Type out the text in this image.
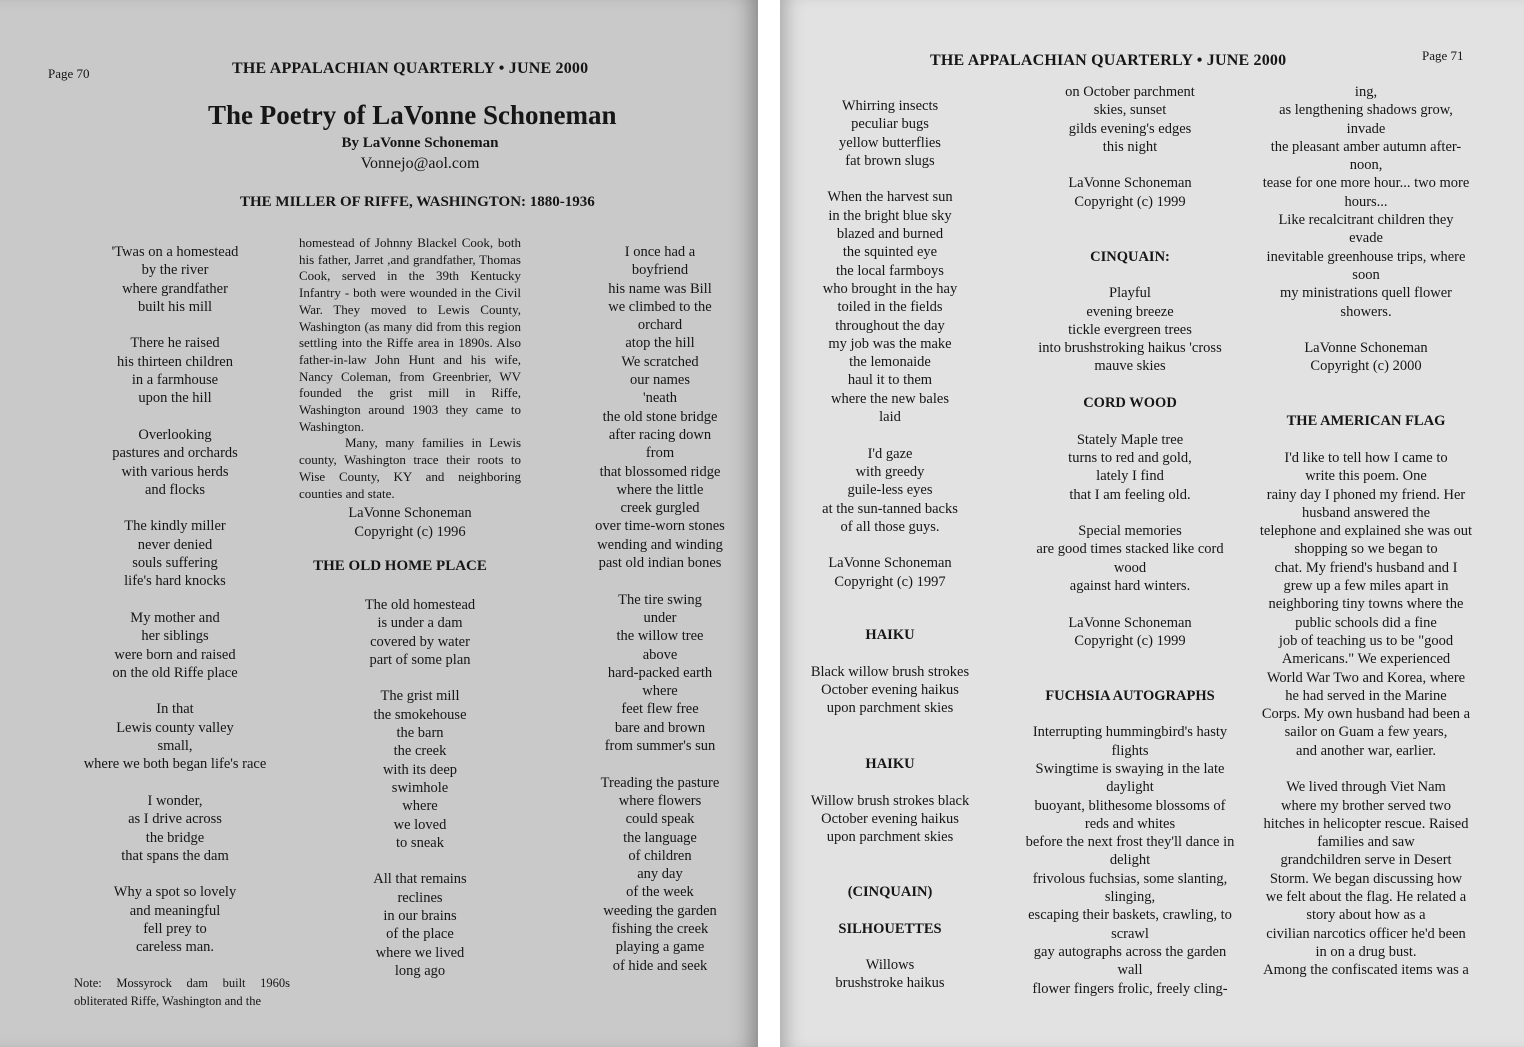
Page 70	THE APPALACHIAN QUARTERLY • JUNE 2000
The Poetry of LaVonne Schoneman
By LaVonne Schoneman
Vonnejo@aol.com
THE MILLER OF RIFFE, WASHINGTON: 1880-1936
'Twas on a homestead
by the river
where grandfather
built his mill
There he raised
his thirteen children
in a farmhouse
upon the hill
Overlooking
pastures and orchards
with various herds
and flocks
The kindly miller
never denied
souls suffering
life's hard knocks
My mother and
her siblings
were born and raised
on the old Riffe place
In that
Lewis county valley
small,
where we both began life's race
I wonder,
as I drive across
the bridge
that spans the dam
Why a spot so lovely
and meaningful
fell prey to
careless man.
Note: Mossyrock dam built 1960s obliterated Riffe, Washington and the

homestead of Johnny Blackel Cook, both his father, Jarret ,and grandfather, Thomas Cook, served in the 39th Kentucky Infantry - both were wounded in the Civil War. They moved to Lewis County, Washington (as many did from this region settling into the Riffe area in 1890s. Also father-in-law John Hunt and his wife, Nancy Coleman, from Greenbrier, WV founded the grist mill in Riffe, Washington around 1903 they came to Washington.

Many, many families in Lewis county, Washington trace their roots to Wise County, KY and neighboring counties and state.

LaVonne Schoneman

Copyright (c) 1996

THE OLD HOME PLACE
The old homestead
is under a dam
covered by water
part of some plan
The grist mill
the smokehouse
the barn
the creek
with its deep
swimhole
where
we loved
to sneak
All that remains
reclines
in our brains
of the place
where we lived
long ago
I once had a
boyfriend
his name was Bill
we climbed to the
orchard
atop the hill
We scratched
our names
'neath
the old stone bridge
after racing down
from
that blossomed ridge
where the little
creek gurgled
over time-worn stones
wending and winding
past old indian bones
The tire swing
under
the willow tree
above
hard-packed earth
where
feet flew free
bare and brown
from summer's sun
Treading the pasture
where flowers
could speak
the language
of children
any day
of the week
weeding the garden
fishing the creek
playing a game
of hide and seek
THE APPALACHIAN QUARTERLY • JUNE 2000	Page 71
Whirring insects
peculiar bugs
yellow butterflies
fat brown slugs
When the harvest sun
in the bright blue sky
blazed and burned
the squinted eye
the local farmboys
who brought in the hay
toiled in the fields
throughout the day
my job was the make
the lemonaide
haul it to them
where the new bales
laid
I'd gaze
with greedy
guile-less eyes
at the sun-tanned backs
of all those guys.
LaVonne Schoneman
Copyright (c) 1997
HAIKU
Black willow brush strokes
October evening haikus
upon parchment skies
HAIKU
Willow brush strokes black
October evening haikus
upon parchment skies
(CINQUAIN)
SILHOUETTES
Willows
brushstroke haikus
on October parchment
skies, sunset
gilds evening's edges
this night
LaVonne Schoneman
Copyright (c) 1999
CINQUAIN:
Playful
evening breeze
tickle evergreen trees
into brushstroking haikus 'cross
mauve skies
CORD WOOD
Stately Maple tree
turns to red and gold,
lately I find
that I am feeling old.
Special memories
are good times stacked like cord
wood
against hard winters.
LaVonne Schoneman
Copyright (c) 1999
FUCHSIA AUTOGRAPHS
Interrupting hummingbird's hasty
flights
Swingtime is swaying in the late
daylight
buoyant, blithesome blossoms of
reds and whites
before the next frost they'll dance in
delight
frivolous fuchsias, some slanting,
slinging,
escaping their baskets, crawling, to
scrawl
gay autographs across the garden
wall
flower fingers frolic, freely cling-
ing,
as lengthening shadows grow,
invade
the pleasant amber autumn after-
noon,
tease for one more hour... two more
hours...
Like recalcitrant children they
evade
inevitable greenhouse trips, where
soon
my ministrations quell flower
showers.
LaVonne Schoneman
Copyright (c) 2000
THE AMERICAN FLAG
I'd like to tell how I came to
write this poem. One
rainy day I phoned my friend. Her
husband answered the
telephone and explained she was out
shopping so we began to
chat. My friend's husband and I
grew up a few miles apart in
neighboring tiny towns where the
public schools did a fine
job of teaching us to be "good
Americans." We experienced
World War Two and Korea, where
he had served in the Marine
Corps. My own husband had been a
sailor on Guam a few years,
and another war, earlier.
We lived through Viet Nam
where my brother served two
hitches in helicopter rescue. Raised
families and saw
grandchildren serve in Desert
Storm. We began discussing how
we felt about the flag. He related a
story about how as a
civilian narcotics officer he'd been
in on a drug bust.
Among the confiscated items was a
